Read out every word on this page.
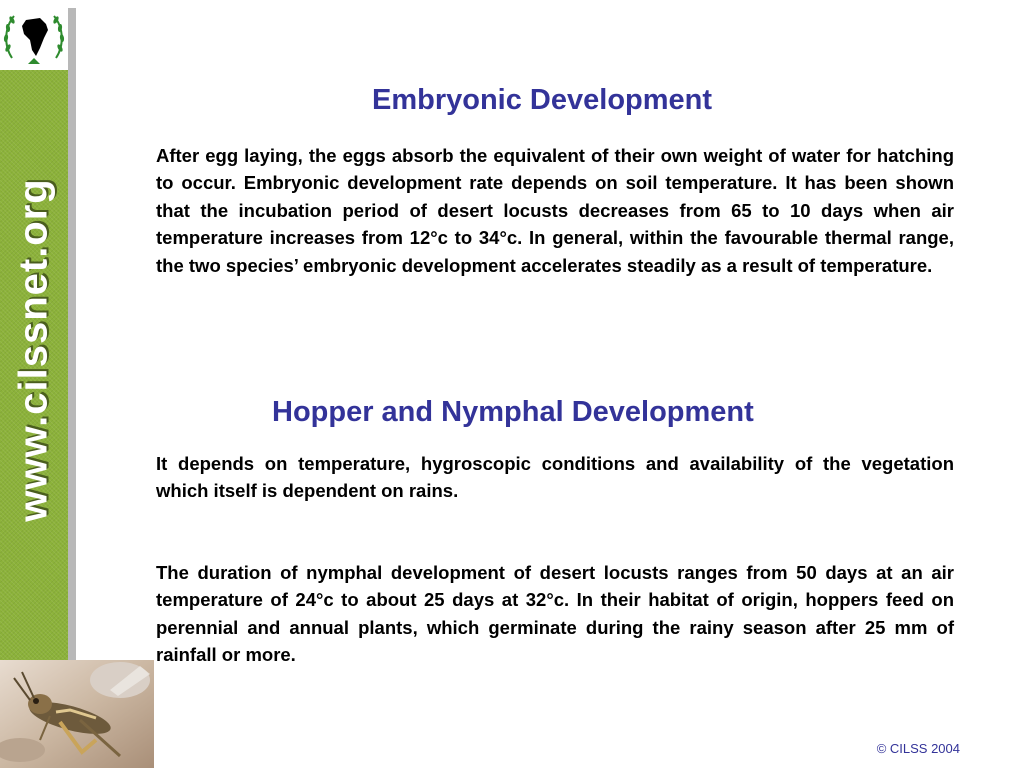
www.cilssnet.org
Embryonic Development

After egg laying, the eggs absorb the equivalent of their own weight of water for hatching to occur. Embryonic development rate depends on soil temperature. It has been shown that the incubation period of desert locusts decreases from 65 to 10 days when air temperature increases from 12°c to 34°c. In general, within the favourable thermal range, the two species’ embryonic development accelerates steadily as a result of temperature.

Hopper and Nymphal Development

It depends on temperature, hygroscopic conditions and availability of the vegetation which itself is dependent on rains.

The duration of nymphal development of desert locusts ranges from 50 days at an air temperature of 24°c to about 25 days at 32°c. In their habitat of origin, hoppers feed on perennial and annual plants, which germinate during the rainy season after 25 mm of rainfall or more.

© CILSS 2004
